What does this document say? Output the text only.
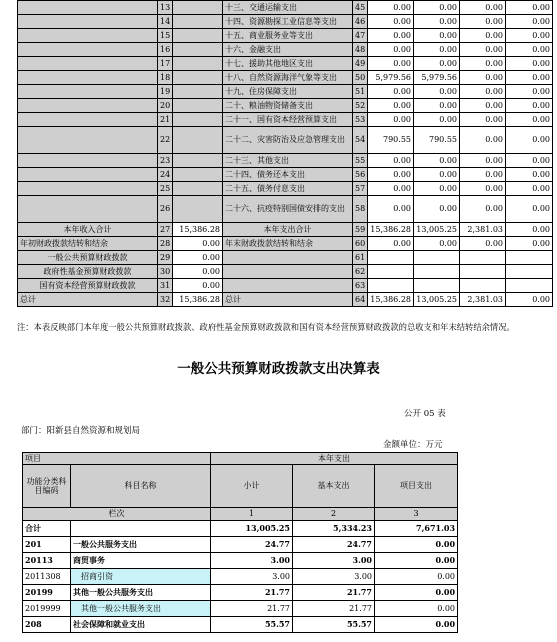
	13		十三、交通运输支出	45	0.00	0.00	0.00	0.00
	14		十四、资源勘探工业信息等支出	46	0.00	0.00	0.00	0.00
	15		十五、商业服务业等支出	47	0.00	0.00	0.00	0.00
	16		十六、金融支出	48	0.00	0.00	0.00	0.00
	17		十七、援助其他地区支出	49	0.00	0.00	0.00	0.00
	18		十八、自然资源海洋气象等支出	50	5,979.56	5,979.56	0.00	0.00
	19		十九、住房保障支出	51	0.00	0.00	0.00	0.00
	20		二十、粮油物资储备支出	52	0.00	0.00	0.00	0.00
	21		二十一、国有资本经营预算支出	53	0.00	0.00	0.00	0.00
	22		二十二、灾害防治及应急管理支出	54	790.55	790.55	0.00	0.00
	23		二十三、其他支出	55	0.00	0.00	0.00	0.00
	24		二十四、债务还本支出	56	0.00	0.00	0.00	0.00
	25		二十五、债务付息支出	57	0.00	0.00	0.00	0.00
	26		二十六、抗疫特别国债安排的支出	58	0.00	0.00	0.00	0.00
本年收入合计	27	15,386.28	本年支出合计	59	15,386.28	13,005.25	2,381.03	0.00
年初财政拨款结转和结余	28	0.00	年末财政拨款结转和结余	60	0.00	0.00	0.00	0.00
一般公共预算财政拨款	29	0.00		61				
政府性基金预算财政拨款	30	0.00		62				
国有资本经营预算财政拨款	31	0.00		63				
总计	32	15,386.28	总计	64	15,386.28	13,005.25	2,381.03	0.00
注：本表反映部门本年度一般公共预算财政拨款、政府性基金预算财政拨款和国有资本经营预算财政拨款的总收支和年末结转结余情况。
一般公共预算财政拨款支出决算表
公开 05 表
部门：阳新县自然资源和规划局
金额单位：万元
项目		本年支出		
功能分类科目编码	科目名称	小计	基本支出	项目支出
栏次		1	2	3
合计		13,005.25	5,334.23	7,671.03
201	一般公共服务支出	24.77	24.77	0.00
20113	商贸事务	3.00	3.00	0.00
2011308	招商引资	3.00	3.00	0.00
20199	其他一般公共服务支出	21.77	21.77	0.00
2019999	其他一般公共服务支出	21.77	21.77	0.00
208	社会保障和就业支出	55.57	55.57	0.00
